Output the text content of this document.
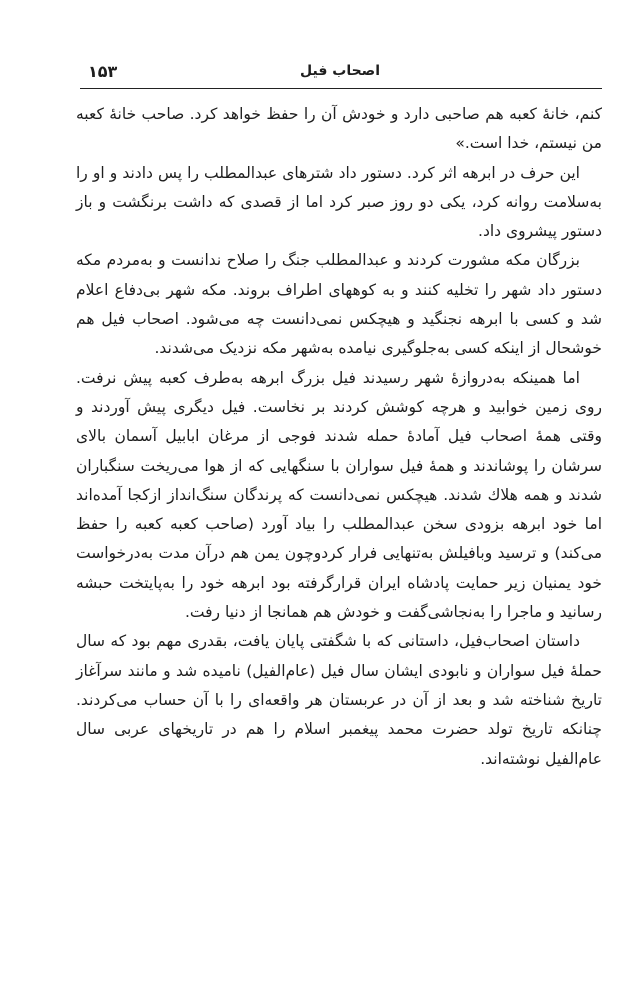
اصحاب فیل
۱۵۳

کنم، خانهٔ کعبه هم صاحبی دارد و خودش آن را حفظ خواهد کرد. صاحب خانهٔ کعبه من نیستم، خدا است.»

این حرف در ابرهه اثر کرد. دستور داد شترهای عبدالمطلب را پس دادند و او را به‌سلامت روانه کرد، یکی دو روز صبر کرد اما از قصدی که داشت برنگشت و باز دستور پیشروی داد.

بزرگان مکه مشورت کردند و عبدالمطلب جنگ را صلاح ندانست و به‌مردم مکه دستور داد شهر را تخلیه کنند و به کوههای اطراف بروند. مکه شهر بی‌دفاع اعلام شد و کسی با ابرهه نجنگید و هیچکس نمی‌دانست چه می‌شود. اصحاب فیل هم خوشحال از اینکه کسی به‌جلوگیری نیامده به‌شهر مکه نزدیک می‌شدند.

اما همینکه به‌دروازهٔ شهر رسیدند فیل بزرگ ابرهه به‌طرف کعبه پیش نرفت. روی زمین خوابید و هرچه کوشش کردند بر نخاست. فیل دیگری پیش آوردند و وقتی همهٔ اصحاب فیل آمادهٔ حمله شدند فوجی از مرغان ابابیل آسمان بالای سرشان را پوشاندند و همهٔ فیل سواران با سنگهایی که از هوا می‌ریخت سنگباران شدند و همه هلاك شدند. هیچکس نمی‌دانست که پرندگان سنگ‌انداز ازکجا آمده‌اند اما خود ابرهه بزودی سخن عبدالمطلب را بیاد آورد (صاحب کعبه کعبه را حفظ می‌کند) و ترسید وبافیلش به‌تنهایی فرار کردوچون یمن هم درآن مدت به‌درخواست خود یمنیان زیر حمایت پادشاه ایران قرارگرفته بود ابرهه خود را به‌پایتخت حبشه رسانید و ماجرا را به‌نجاشی‌گفت و خودش هم همانجا از دنیا رفت.

داستان اصحاب‌فیل، داستانی که با شگفتی پایان یافت، بقدری مهم بود که سال حملهٔ فیل سواران و نابودی ایشان سال فیل (عام‌الفیل) نامیده شد و مانند سرآغاز تاریخ شناخته شد و بعد از آن در عربستان هر واقعه‌ای را با آن حساب می‌کردند. چنانکه تاریخ تولد حضرت محمد پیغمبر اسلام را هم در تاریخهای عربی سال عام‌الفیل نوشته‌اند.
